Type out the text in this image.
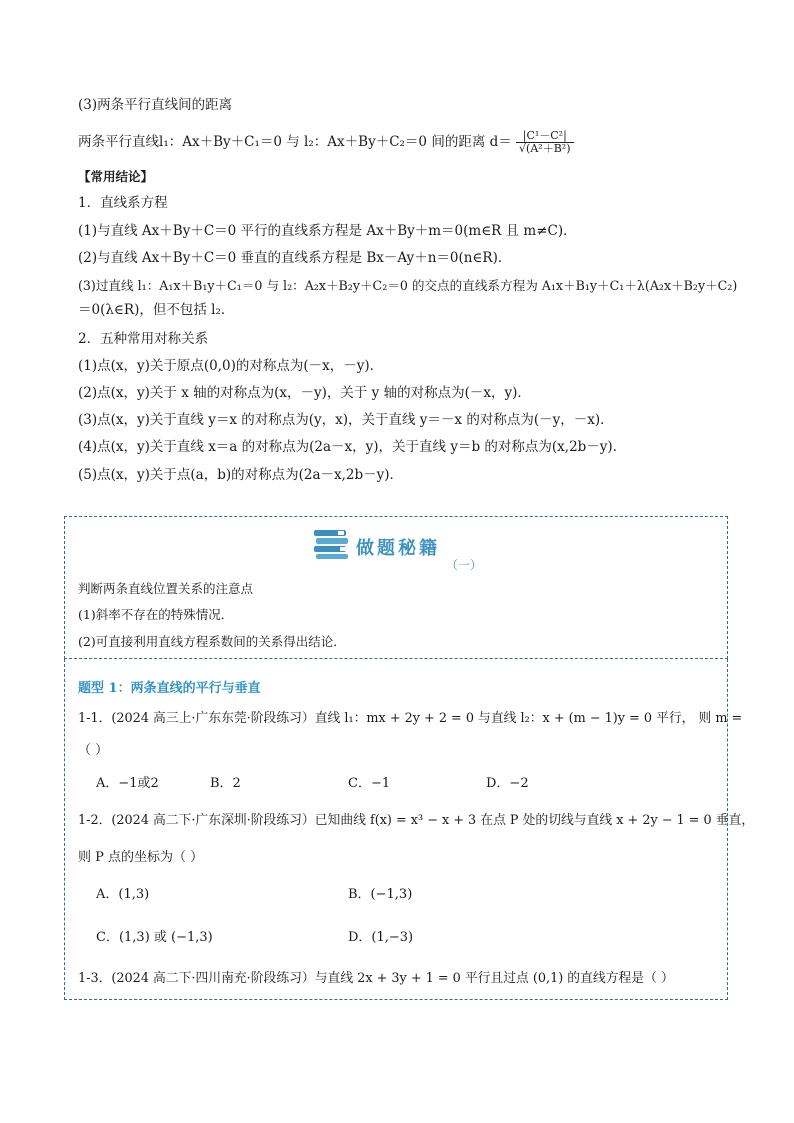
(3)两条平行直线间的距离
两条平行直线l₁：Ax＋By＋C₁＝0 与 l₂：Ax＋By＋C₂＝0 间的距离 $d= \frac{\text{|C¹－C²|}}{\text{√(A²＋B²)}}$
【常用结论】
1．直线系方程
(1)与直线 Ax＋By＋C＝0 平行的直线系方程是 Ax＋By＋m＝0(m∈R 且 m≠C)．
(2)与直线 Ax＋By＋C＝0 垂直的直线系方程是 Bx－Ay＋n＝0(n∈R)．
(3)过直线 l₁：A₁x＋B₁y＋C₁＝0 与 l₂：A₂x＋B₂y＋C₂＝0 的交点的直线系方程为 A₁x＋B₁y＋C₁＋λ(A₂x＋B₂y＋C₂)
＝0(λ∈R)，但不包括 l₂．
2．五种常用对称关系
(1)点(x，y)关于原点(0,0)的对称点为(－x，－y)．
(2)点(x，y)关于 x 轴的对称点为(x，－y)，关于 y 轴的对称点为(－x，y)．
(3)点(x，y)关于直线 y＝x 的对称点为(y，x)，关于直线 y＝－x 的对称点为(－y，－x)．
(4)点(x，y)关于直线 x＝a 的对称点为(2a－x，y)，关于直线 y＝b 的对称点为(x,2b－y)．
(5)点(x，y)关于点(a，b)的对称点为(2a－x,2b－y)．
做题秘籍
（一）
判断两条直线位置关系的注意点
(1)斜率不存在的特殊情况．
(2)可直接利用直线方程系数间的关系得出结论．
题型 1：两条直线的平行与垂直
1-1．(2024 高三上·广东东莞·阶段练习）直线 l₁：mx + 2y + 2 = 0 与直线 l₂：x + (m − 1)y = 0 平行， 则 m =
（ ）
A．−1或2	B．2	C．−1	D．−2
1-2．(2024 高二下·广东深圳·阶段练习）已知曲线 f(x) = x³ − x + 3 在点 P 处的切线与直线 x + 2y − 1 = 0 垂直，
则 P 点的坐标为（ ）
A．(1,3)	B．(−1,3)
C．(1,3) 或 (−1,3)	D．(1,−3)
1-3．(2024 高二下·四川南充·阶段练习）与直线 2x + 3y + 1 = 0 平行且过点 (0,1) 的直线方程是（ ）
